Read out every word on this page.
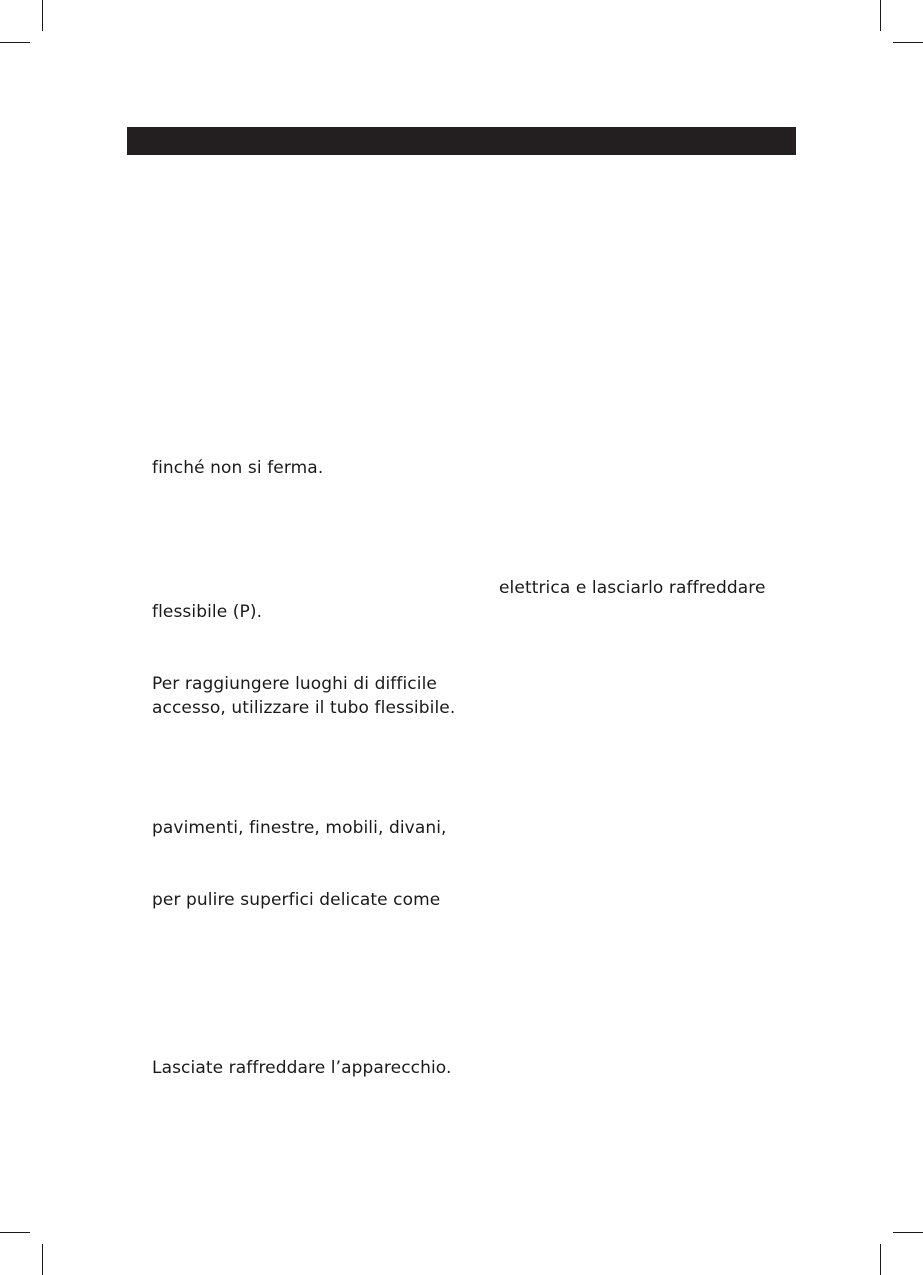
finché non si ferma.
elettrica e lasciarlo raffreddare
flessibile (P).
Per raggiungere luoghi di difficile
accesso, utilizzare il tubo flessibile.
pavimenti, finestre, mobili, divani,
per pulire superfici delicate come
Lasciate raffreddare l’apparecchio.
